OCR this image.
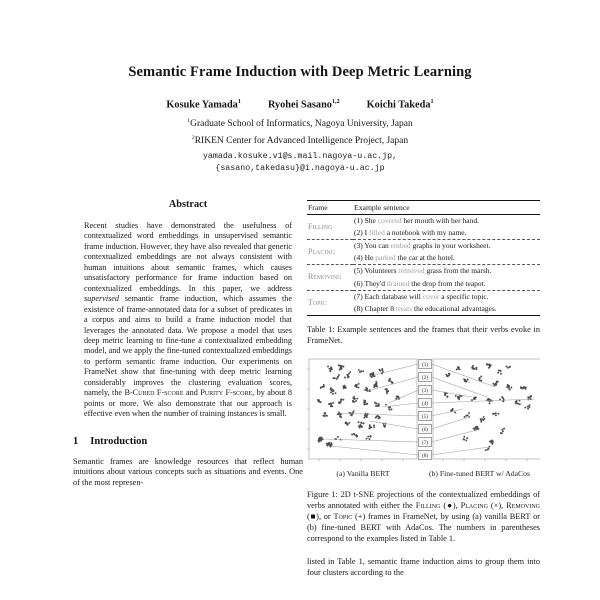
Semantic Frame Induction with Deep Metric Learning
Kosuke Yamada$^1$	Ryohei Sasano$^{1,2}$	Koichi Takeda$^1$
$^1$Graduate School of Informatics, Nagoya University, Japan
$^2$RIKEN Center for Advanced Intelligence Project, Japan
yamada.kosuke.v1@s.mail.nagoya-u.ac.jp,
{sasano,takedasu}@i.nagoya-u.ac.jp
Abstract

Recent studies have demonstrated the usefulness of contextualized word embeddings in unsupervised semantic frame induction. However, they have also revealed that generic contextualized embeddings are not always consistent with human intuitions about semantic frames, which causes unsatisfactory performance for frame induction based on contextualized embeddings. In this paper, we address supervised semantic frame induction, which assumes the existence of frame-annotated data for a subset of predicates in a corpus and aims to build a frame induction model that leverages the annotated data. We propose a model that uses deep metric learning to fine-tune a contextualized embedding model, and we apply the fine-tuned contextualized embeddings to perform semantic frame induction. Our experiments on FrameNet show that fine-tuning with deep metric learning considerably improves the clustering evaluation scores, namely, the B-Cubed F-score and Purity F-score, by about 8 points or more. We also demonstrate that our approach is effective even when the number of training instances is small.

1 Introduction

Semantic frames are knowledge resources that reflect human intuitions about various concepts such as situations and events. One of the most represen-

Frame	Example sentence
Filling	(1) She covered her mouth with her hand.
	(2) I filled a notebook with my name.
Placing	(3) You can embed graphs in your worksheet.
	(4) He parked the car at the hotel.
Removing	(5) Volunteers removed grass from the marsh.
	(6) They'd drained the drop from the teapot.
Topic	(7) Each database will cover a specific topic.
	(8) Chapter 8 treats the educational advantages.

Table 1: Example sentences and the frames that their verbs evoke in FrameNet.

(1)
(2)
(3)
(4)
(5)
(6)
(7)
(8)
(a) Vanilla BERT	(b) Fine-tuned BERT w/ AdaCos

Figure 1: 2D t-SNE projections of the contextualized embeddings of verbs annotated with either the Filling (●), Placing (×), Removing (■), or Topic (+) frames in FrameNet, by using (a) vanilla BERT or (b) fine-tuned BERT with AdaCos. The numbers in parentheses correspond to the examples listed in Table 1.

listed in Table 1, semantic frame induction aims to group them into four clusters according to the
